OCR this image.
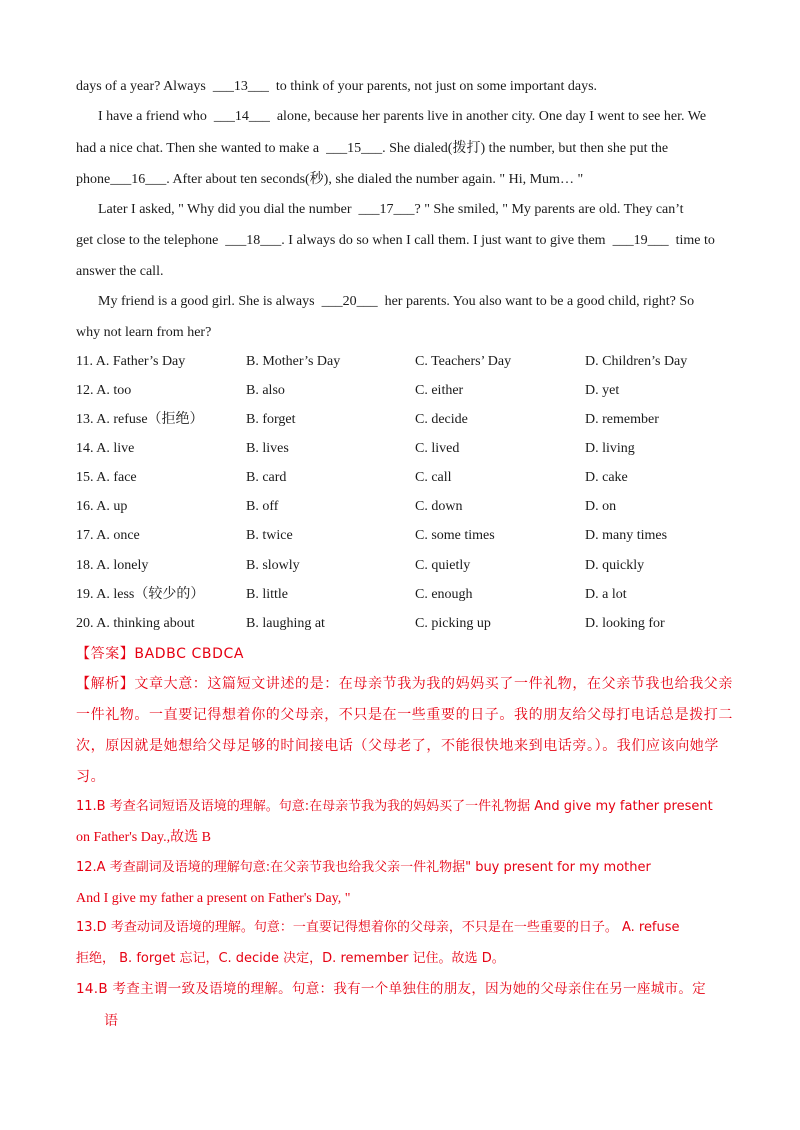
days of a year? Always ___13___ to think of your parents, not just on some important days.
I have a friend who ___14___ alone, because her parents live in another city. One day I went to see her. We
had a nice chat. Then she wanted to make a ___15___. She dialed(拨打) the number, but then she put the
phone___16___. After about ten seconds(秒), she dialed the number again. " Hi, Mum… "
Later I asked, " Why did you dial the number ___17___? " She smiled, " My parents are old. They can’t
get close to the telephone ___18___. I always do so when I call them. I just want to give them ___19___ time to
answer the call.
My friend is a good girl. She is always ___20___ her parents. You also want to be a good child, right? So
why not learn from her?
11. A. Father’s Day	B. Mother’s Day	C. Teachers’ Day	D. Children’s Day
12. A. too	B. also	C. either	D. yet
13. A. refuse（拒绝）	B. forget	C. decide	D. remember
14. A. live	B. lives	C. lived	D. living
15. A. face	B. card	C. call	D. cake
16. A. up	B. off	C. down	D. on
17. A. once	B. twice	C. some times	D. many times
18. A. lonely	B. slowly	C. quietly	D. quickly
19. A. less（较少的）	B. little	C. enough	D. a lot
20. A. thinking about	B. laughing at	C. picking up	D. looking for
【答案】BADBC CBDCA
【解析】文章大意：这篇短文讲述的是：在母亲节我为我的妈妈买了一件礼物，在父亲节我也给我父亲
一件礼物。一直要记得想着你的父母亲，不只是在一些重要的日子。我的朋友给父母打电话总是拨打二
次，原因就是她想给父母足够的时间接电话（父母老了，不能很快地来到电话旁。）。我们应该向她学
习。
11.B 考查名词短语及语境的理解。句意:在母亲节我为我的妈妈买了一件礼物据 And give my father present
on Father's Day.,故选 B
12.A 考查副词及语境的理解句意:在父亲节我也给我父亲一件礼物据" buy present for my mother
And I give my father a present on Father's Day, "
13.D 考查动词及语境的理解。句意：一直要记得想着你的父母亲，不只是在一些重要的日子。 A. refuse
拒绝， B. forget 忘记，C. decide 决定，D. remember 记住。故选 D。
14.B 考查主谓一致及语境的理解。句意：我有一个单独住的朋友，因为她的父母亲住在另一座城市。定
语
